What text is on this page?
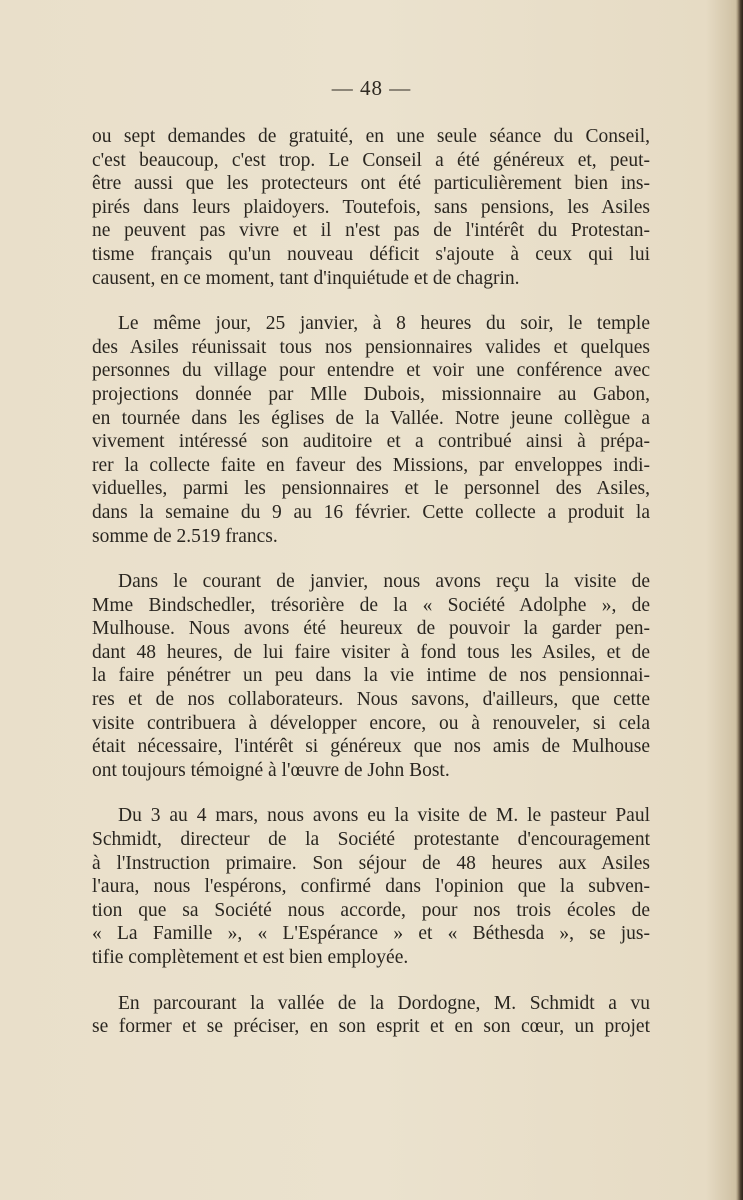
— 48 —

ou sept demandes de gratuité, en une seule séance du Conseil,
c'est beaucoup, c'est trop. Le Conseil a été généreux et, peut-
être aussi que les protecteurs ont été particulièrement bien ins-
pirés dans leurs plaidoyers. Toutefois, sans pensions, les Asiles
ne peuvent pas vivre et il n'est pas de l'intérêt du Protestan-
tisme français qu'un nouveau déficit s'ajoute à ceux qui lui
causent, en ce moment, tant d'inquiétude et de chagrin.

Le même jour, 25 janvier, à 8 heures du soir, le temple
des Asiles réunissait tous nos pensionnaires valides et quelques
personnes du village pour entendre et voir une conférence avec
projections donnée par Mlle Dubois, missionnaire au Gabon,
en tournée dans les églises de la Vallée. Notre jeune collègue a
vivement intéressé son auditoire et a contribué ainsi à prépa-
rer la collecte faite en faveur des Missions, par enveloppes indi-
viduelles, parmi les pensionnaires et le personnel des Asiles,
dans la semaine du 9 au 16 février. Cette collecte a produit la
somme de 2.519 francs.

Dans le courant de janvier, nous avons reçu la visite de
Mme Bindschedler, trésorière de la « Société Adolphe », de
Mulhouse. Nous avons été heureux de pouvoir la garder pen-
dant 48 heures, de lui faire visiter à fond tous les Asiles, et de
la faire pénétrer un peu dans la vie intime de nos pensionnai-
res et de nos collaborateurs. Nous savons, d'ailleurs, que cette
visite contribuera à développer encore, ou à renouveler, si cela
était nécessaire, l'intérêt si généreux que nos amis de Mulhouse
ont toujours témoigné à l'œuvre de John Bost.

Du 3 au 4 mars, nous avons eu la visite de M. le pasteur Paul
Schmidt, directeur de la Société protestante d'encouragement
à l'Instruction primaire. Son séjour de 48 heures aux Asiles
l'aura, nous l'espérons, confirmé dans l'opinion que la subven-
tion que sa Société nous accorde, pour nos trois écoles de
« La Famille », « L'Espérance » et « Béthesda », se jus-
tifie complètement et est bien employée.

En parcourant la vallée de la Dordogne, M. Schmidt a vu
se former et se préciser, en son esprit et en son cœur, un projet
